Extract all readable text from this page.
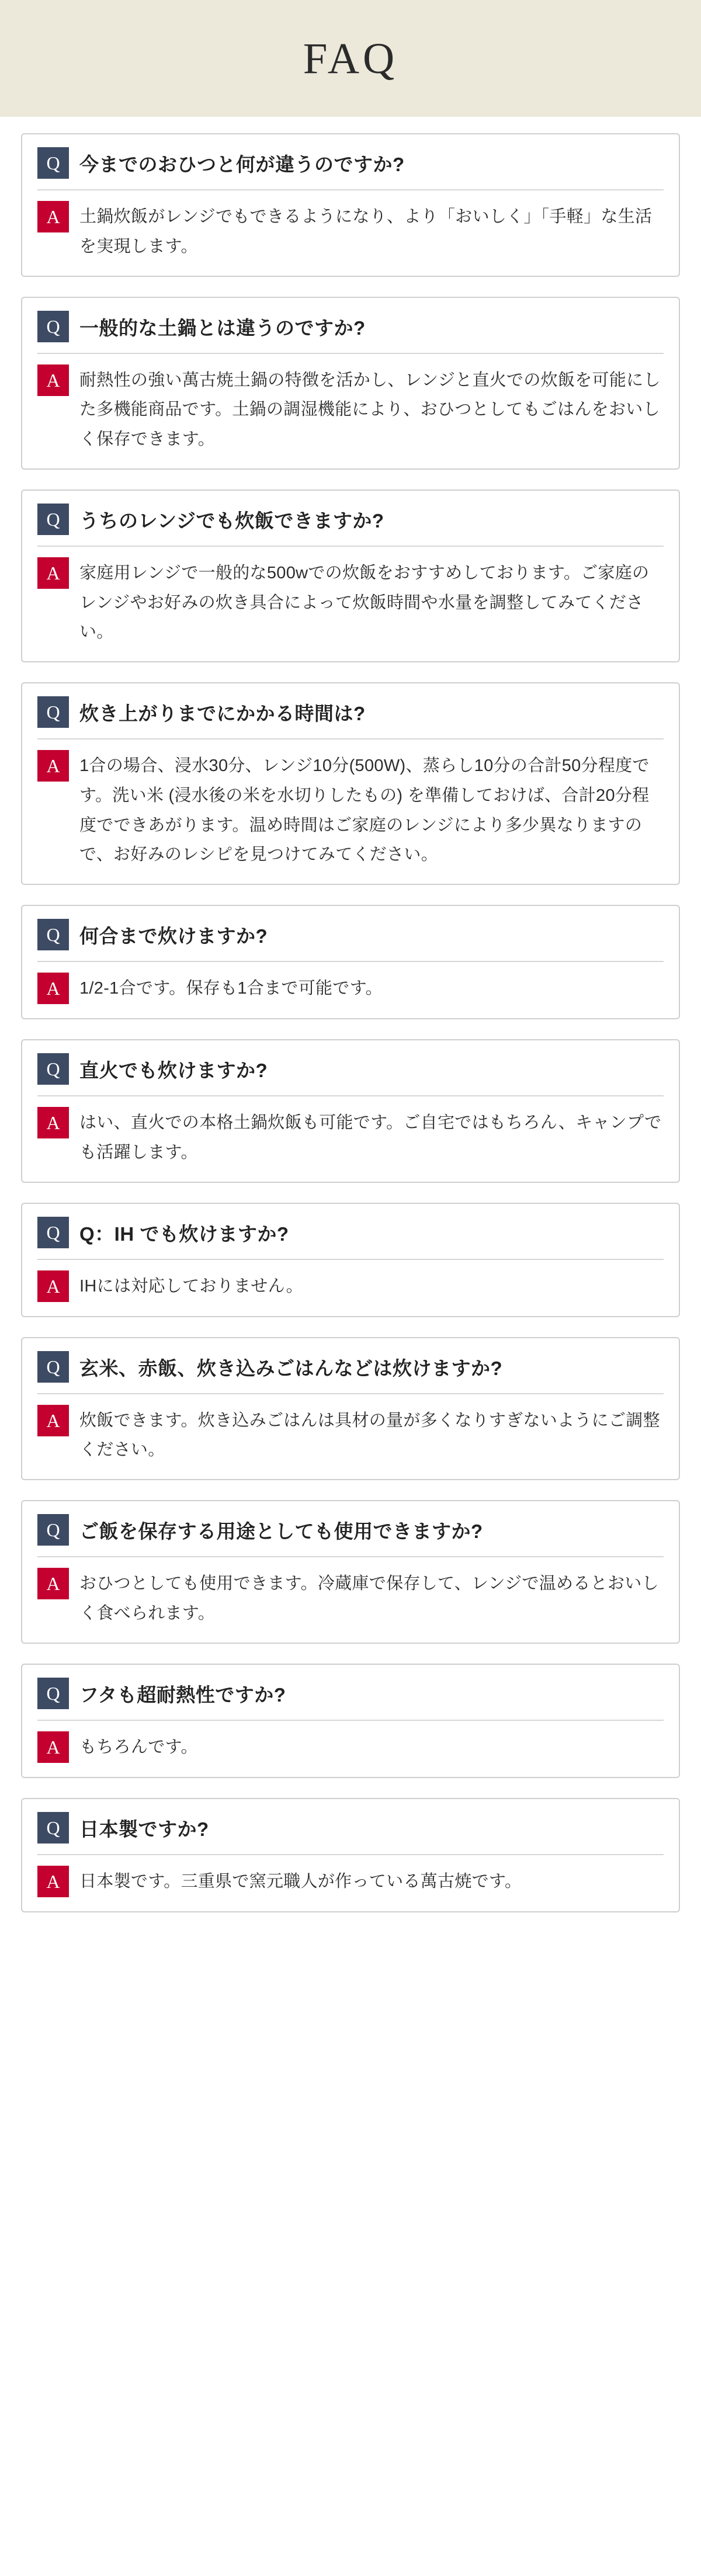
FAQ
Q	今までのおひつと何が違うのですか?
A	土鍋炊飯がレンジでもできるようになり、より「おいしく」「手軽」な生活を実現します。
Q	一般的な土鍋とは違うのですか?
A	耐熱性の強い萬古焼土鍋の特徴を活かし、レンジと直火での炊飯を可能にした多機能商品です。土鍋の調湿機能により、おひつとしてもごはんをおいしく保存できます。
Q	うちのレンジでも炊飯できますか?
A	家庭用レンジで一般的な500wでの炊飯をおすすめしております。ご家庭のレンジやお好みの炊き具合によって炊飯時間や水量を調整してみてください。
Q	炊き上がりまでにかかる時間は?
A	1合の場合、浸水30分、レンジ10分(500W)、蒸らし10分の合計50分程度です。洗い米 (浸水後の米を水切りしたもの) を準備しておけば、合計20分程度でできあがります。温め時間はご家庭のレンジにより多少異なりますので、お好みのレシピを見つけてみてください。
Q	何合まで炊けますか?
A	1/2-1合です。保存も1合まで可能です。
Q	直火でも炊けますか?
A	はい、直火での本格土鍋炊飯も可能です。ご自宅ではもちろん、キャンプでも活躍します。
Q	Q：IH でも炊けますか?
A	IHには対応しておりません。
Q	玄米、赤飯、炊き込みごはんなどは炊けますか?
A	炊飯できます。炊き込みごはんは具材の量が多くなりすぎないようにご調整ください。
Q	ご飯を保存する用途としても使用できますか?
A	おひつとしても使用できます。冷蔵庫で保存して、レンジで温めるとおいしく食べられます。
Q	フタも超耐熱性ですか?
A	もちろんです。
Q	日本製ですか?
A	日本製です。三重県で窯元職人が作っている萬古焼です。
